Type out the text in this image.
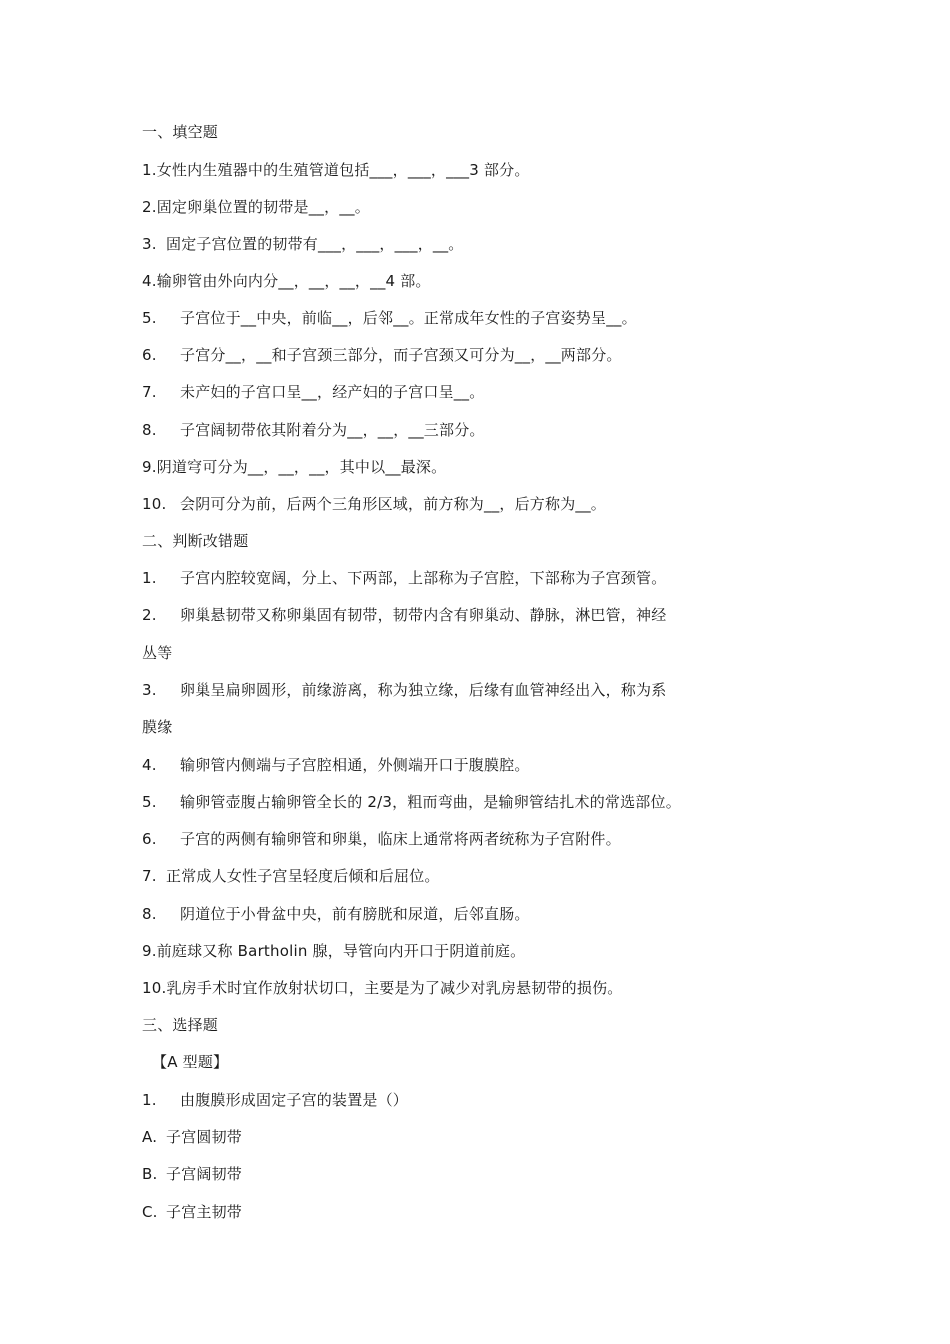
一、填空题
1.女性内生殖器中的生殖管道包括___，___，___3 部分。
2.固定卵巢位置的韧带是__，__。
3. 固定子宫位置的韧带有___，___，___，__。
4.输卵管由外向内分__，__，__，__4 部。
5. 子宫位于__中央，前临__，后邻__。正常成年女性的子宫姿势呈__。
6. 子宫分__，__和子宫颈三部分，而子宫颈又可分为__，__两部分。
7. 未产妇的子宫口呈__，经产妇的子宫口呈__。
8. 子宫阔韧带依其附着分为__，__，__三部分。
9.阴道穹可分为__，__，__，其中以__最深。
10. 会阴可分为前，后两个三角形区域，前方称为__，后方称为__。
二、判断改错题
1. 子宫内腔较宽阔，分上、下两部，上部称为子宫腔，下部称为子宫颈管。
2. 卵巢悬韧带又称卵巢固有韧带，韧带内含有卵巢动、静脉，淋巴管，神经
丛等
3. 卵巢呈扁卵圆形，前缘游离，称为独立缘，后缘有血管神经出入，称为系
膜缘
4. 输卵管内侧端与子宫腔相通，外侧端开口于腹膜腔。
5. 输卵管壶腹占输卵管全长的 2/3，粗而弯曲，是输卵管结扎术的常选部位。
6. 子宫的两侧有输卵管和卵巢，临床上通常将两者统称为子宫附件。
7. 正常成人女性子宫呈轻度后倾和后屈位。
8. 阴道位于小骨盆中央，前有膀胱和尿道，后邻直肠。
9.前庭球又称 Bartholin 腺，导管向内开口于阴道前庭。
10.乳房手术时宜作放射状切口，主要是为了减少对乳房悬韧带的损伤。
三、选择题
【A 型题】
1. 由腹膜形成固定子宫的装置是（）
A. 子宫圆韧带
B. 子宫阔韧带
C. 子宫主韧带
